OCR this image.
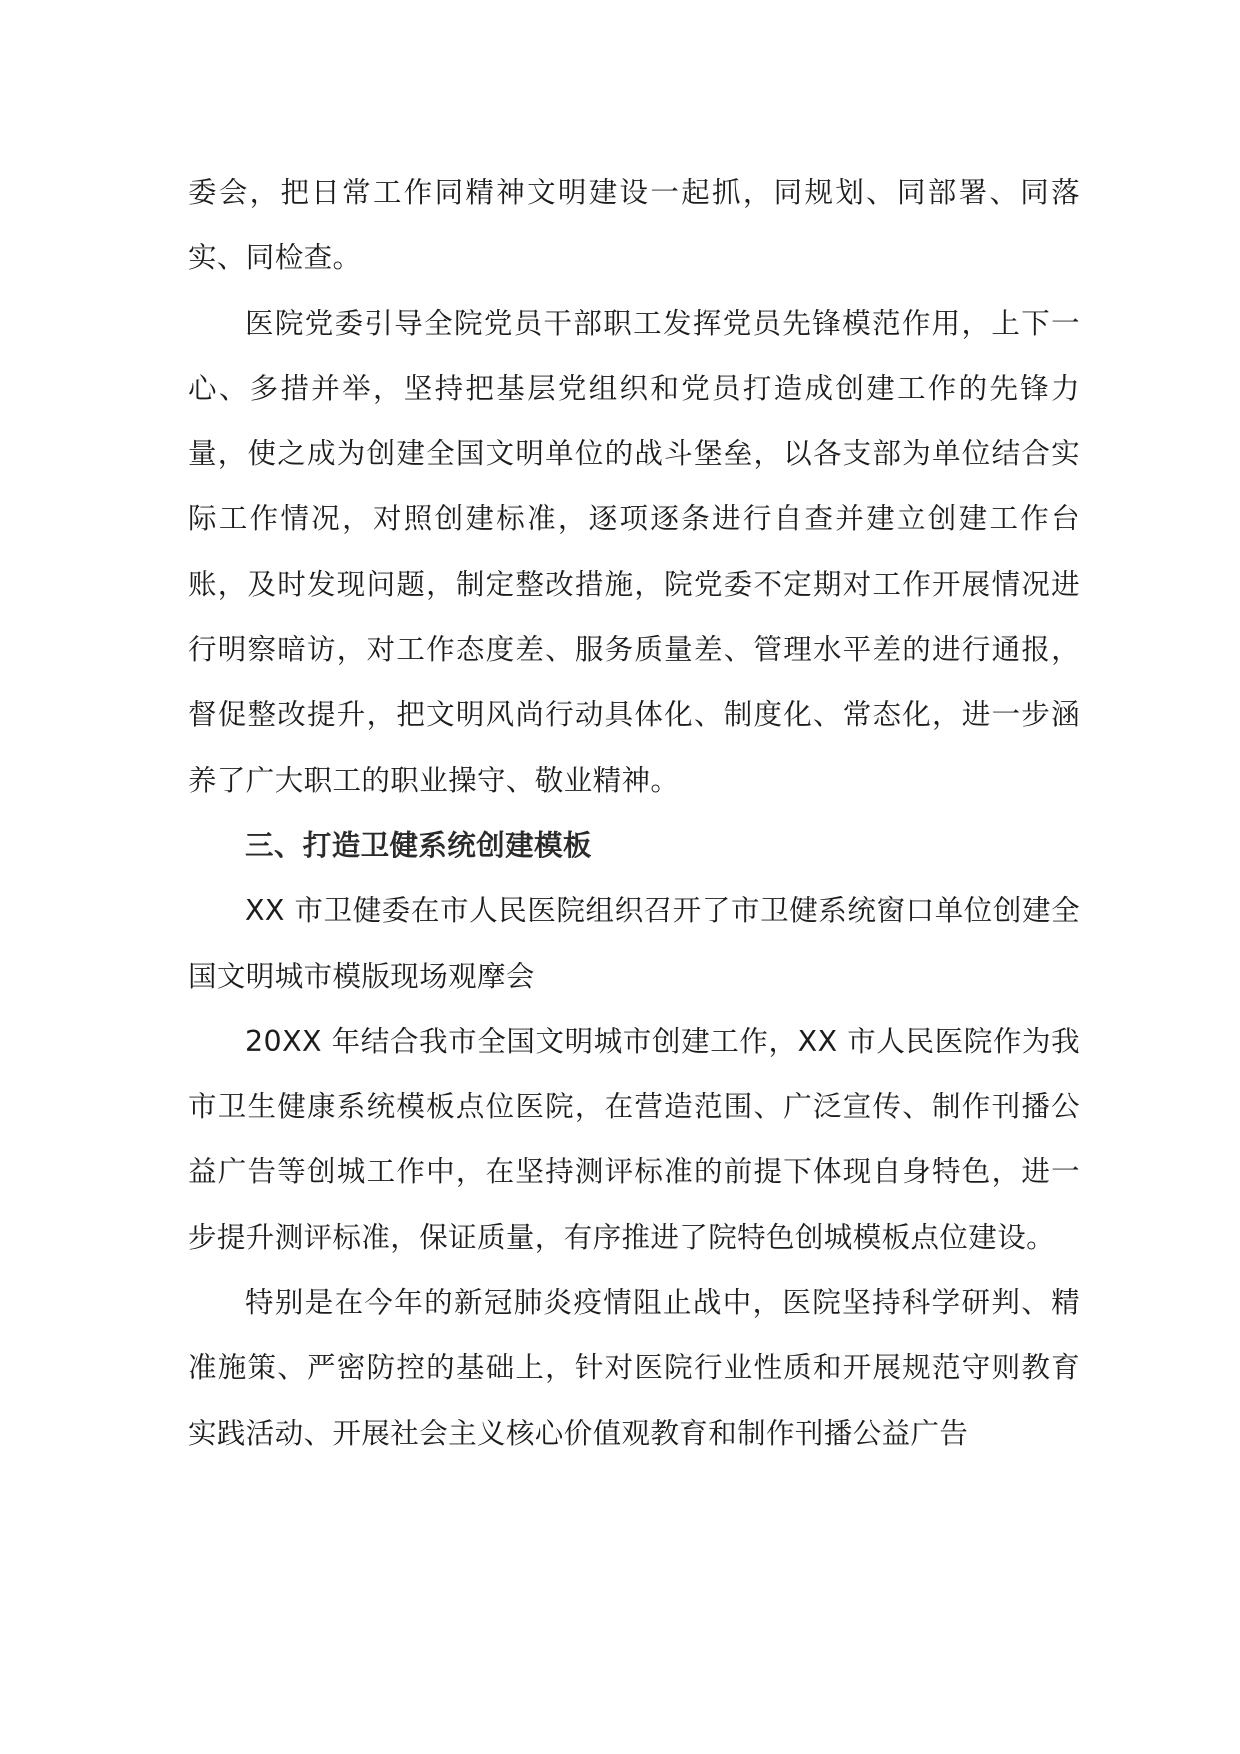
委会，把日常工作同精神文明建设一起抓，同规划、同部署、同落实、同检查。

医院党委引导全院党员干部职工发挥党员先锋模范作用，上下一心、多措并举，坚持把基层党组织和党员打造成创建工作的先锋力量，使之成为创建全国文明单位的战斗堡垒，以各支部为单位结合实际工作情况，对照创建标准，逐项逐条进行自查并建立创建工作台账，及时发现问题，制定整改措施，院党委不定期对工作开展情况进行明察暗访，对工作态度差、服务质量差、管理水平差的进行通报，督促整改提升，把文明风尚行动具体化、制度化、常态化，进一步涵养了广大职工的职业操守、敬业精神。

三、打造卫健系统创建模板

XX 市卫健委在市人民医院组织召开了市卫健系统窗口单位创建全国文明城市模版现场观摩会

20XX 年结合我市全国文明城市创建工作，XX 市人民医院作为我市卫生健康系统模板点位医院，在营造范围、广泛宣传、制作刊播公益广告等创城工作中，在坚持测评标准的前提下体现自身特色，进一步提升测评标准，保证质量，有序推进了院特色创城模板点位建设。

特别是在今年的新冠肺炎疫情阻止战中，医院坚持科学研判、精准施策、严密防控的基础上，针对医院行业性质和开展规范守则教育实践活动、开展社会主义核心价值观教育和制作刊播公益广告
